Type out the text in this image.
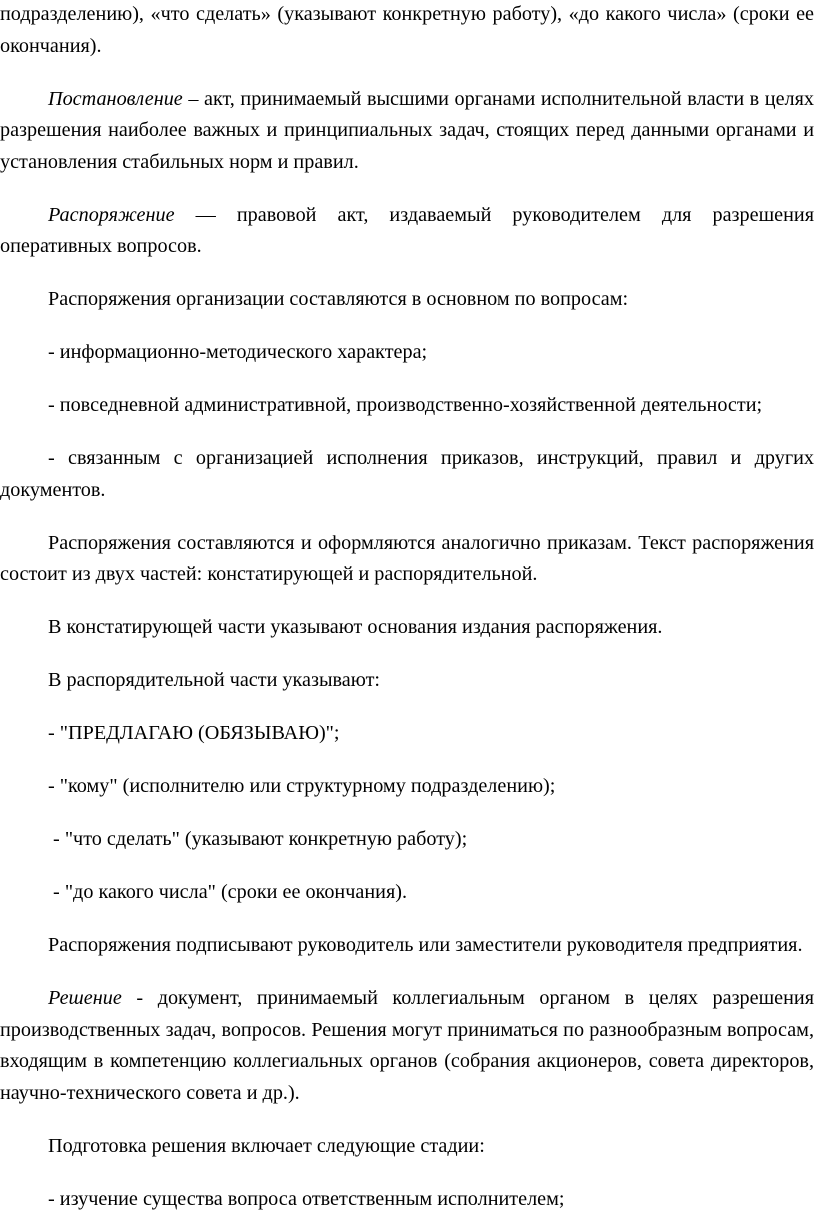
подразделению), «что сделать» (указывают конкретную работу), «до какого числа» (сроки ее окончания).

Постановление – акт, принимаемый высшими органами исполнительной власти в целях разрешения наиболее важных и принципиальных задач, стоящих перед данными органами и установления стабильных норм и правил.

Распоряжение — правовой акт, издаваемый руководителем для разрешения оперативных вопросов.

Распоряжения организации составляются в основном по вопросам:

- информационно-методического характера;

- повседневной административной, производственно-хозяйственной деятельности;

- связанным с организацией исполнения приказов, инструкций, правил и других документов.

Распоряжения составляются и оформляются аналогично приказам. Текст распоряжения состоит из двух частей: констатирующей и распорядительной.

В констатирующей части указывают основания издания распоряжения.

В распорядительной части указывают:

- "ПРЕДЛАГАЮ (ОБЯЗЫВАЮ)";

- "кому" (исполнителю или структурному подразделению);

- "что сделать" (указывают конкретную работу);

- "до какого числа" (сроки ее окончания).

Распоряжения подписывают руководитель или заместители руководителя предприятия.

Решение - документ, принимаемый коллегиальным органом в целях разрешения производственных задач, вопросов. Решения могут приниматься по разнообразным вопросам, входящим в компетенцию коллегиальных органов (собрания акционеров, совета директоров, научно-технического совета и др.).

Подготовка решения включает следующие стадии:

- изучение существа вопроса ответственным исполнителем;
